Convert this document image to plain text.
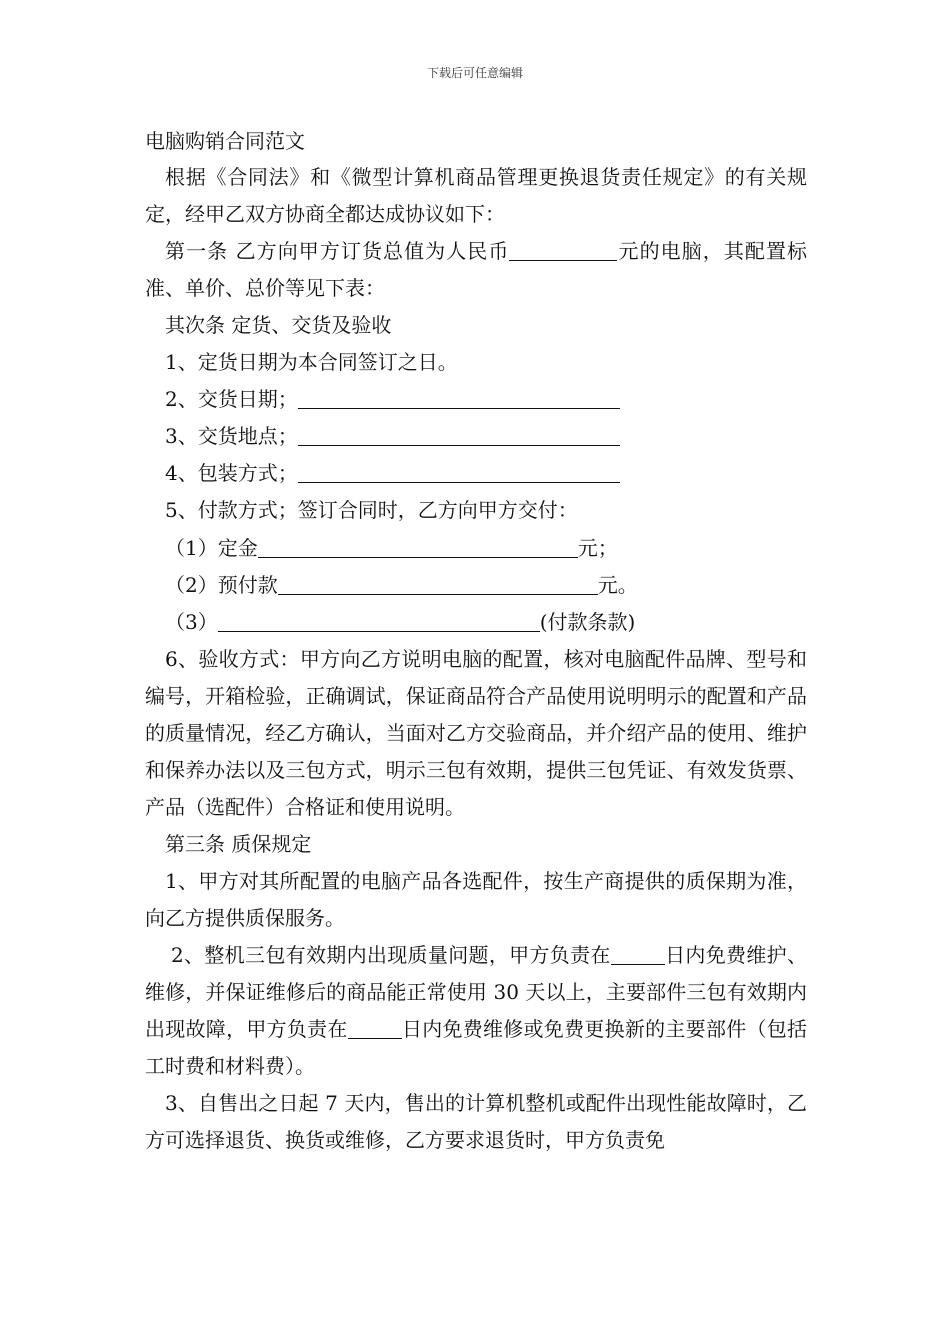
下载后可任意编辑

电脑购销合同范文

根据《合同法》和《微型计算机商品管理更换退货责任规定》的有关规定，经甲乙双方协商全都达成协议如下：

第一条 乙方向甲方订货总值为人民币	元的电脑，其配置标准、单价、总价等见下表：

其次条 定货、交货及验收

1、定货日期为本合同签订之日。

2、交货日期；

3、交货地点；

4、包装方式；

5、付款方式；签订合同时，乙方向甲方交付：

（1）定金	元；

（2）预付款	元。

（3）	(付款条款)

6、验收方式：甲方向乙方说明电脑的配置，核对电脑配件品牌、型号和编号，开箱检验，正确调试，保证商品符合产品使用说明明示的配置和产品的质量情况，经乙方确认，当面对乙方交验商品，并介绍产品的使用、维护和保养办法以及三包方式，明示三包有效期，提供三包凭证、有效发货票、产品（选配件）合格证和使用说明。

第三条 质保规定

1、甲方对其所配置的电脑产品各选配件，按生产商提供的质保期为准，向乙方提供质保服务。

2、整机三包有效期内出现质量问题，甲方负责在	日内免费维护、维修，并保证维修后的商品能正常使用 30 天以上，主要部件三包有效期内出现故障，甲方负责在	日内免费维修或免费更换新的主要部件（包括工时费和材料费）。

3、自售出之日起 7 天内，售出的计算机整机或配件出现性能故障时，乙方可选择退货、换货或维修，乙方要求退货时，甲方负责免
